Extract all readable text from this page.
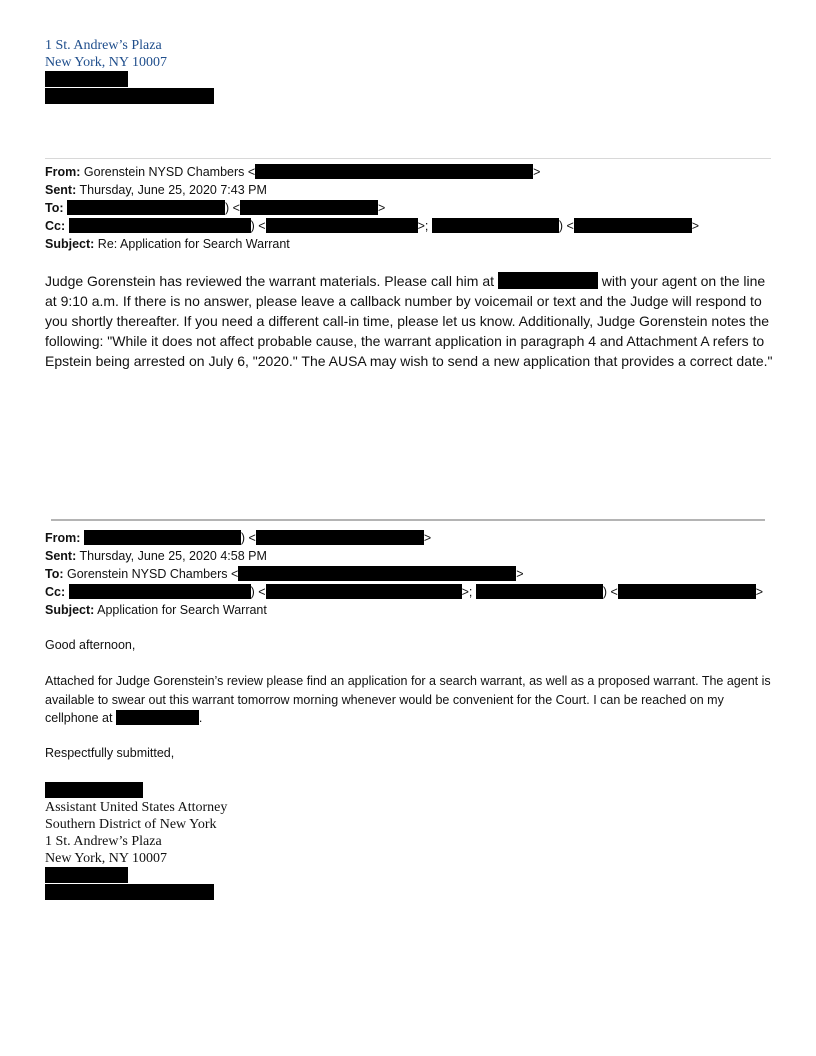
1 St. Andrew’s Plaza
New York, NY 10007
From: Gorenstein NYSD Chambers <	>
Sent: Thursday, June 25, 2020 7:43 PM
To:	) <	>
Cc:	) <	>;	) <	>
Subject: Re: Application for Search Warrant
Judge Gorenstein has reviewed the warrant materials. Please call him at	with your agent on the line at 9:10 a.m. If there is no answer, please leave a callback number by voicemail or text and the Judge will respond to you shortly thereafter. If you need a different call-in time, please let us know. Additionally, Judge Gorenstein notes the following: "While it does not affect probable cause, the warrant application in paragraph 4 and Attachment A refers to Epstein being arrested on July 6, "2020." The AUSA may wish to send a new application that provides a correct date."
From:	) <	>
Sent: Thursday, June 25, 2020 4:58 PM
To: Gorenstein NYSD Chambers <	>
Cc:	) <	>;	) <	>
Subject: Application for Search Warrant
Good afternoon,
Attached for Judge Gorenstein’s review please find an application for a search warrant, as well as a proposed warrant. The agent is available to swear out this warrant tomorrow morning whenever would be convenient for the Court. I can be reached on my cellphone at	.
Respectfully submitted,
Assistant United States Attorney
Southern District of New York
1 St. Andrew’s Plaza
New York, NY 10007
